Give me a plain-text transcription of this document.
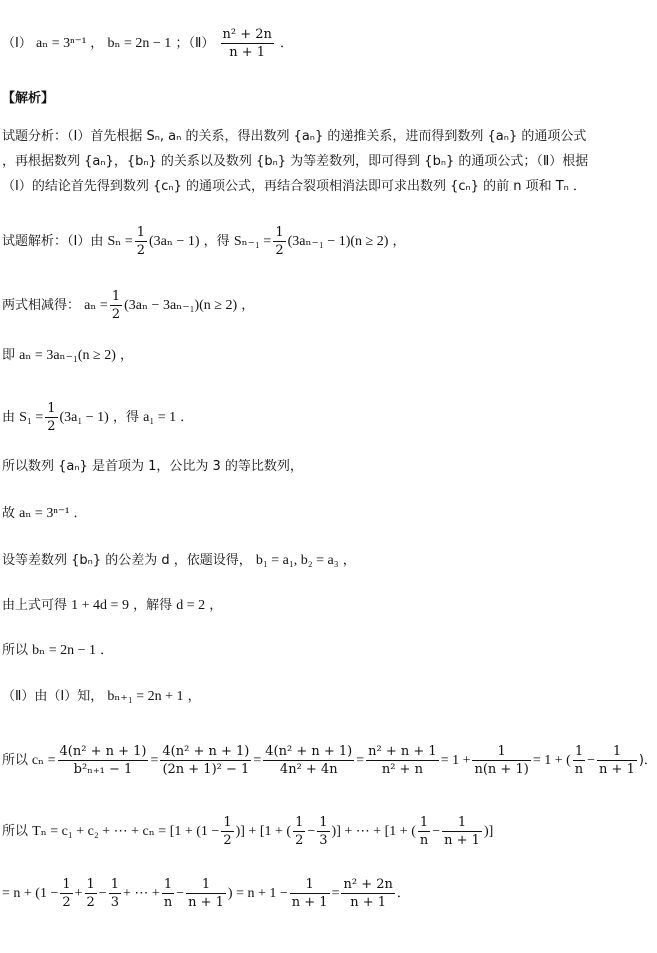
（Ⅰ） aₙ = 3ⁿ⁻¹ ， bₙ = 2n − 1 ；（Ⅱ） $\frac{\text{n² + 2n}}{n + 1}$ ．
【解析】
试题分析：（Ⅰ）首先根据 Sₙ, aₙ 的关系，得出数列 {aₙ} 的递推关系，进而得到数列 {aₙ} 的通项公式
，再根据数列 {aₙ}，{bₙ} 的关系以及数列 {bₙ} 为等差数列，即可得到 {bₙ} 的通项公式；（Ⅱ）根据
（Ⅰ）的结论首先得到数列 {cₙ} 的通项公式，再结合裂项相消法即可求出数列 {cₙ} 的前 n 项和 Tₙ ．
试题解析：（Ⅰ）由 $S_n = \frac{1}{2} (3a_n - 1)$ ，得 $S_{n-1} = \frac{1}{2} (3a_{n-1} - 1)(n \ge 2)$ ，
两式相减得： $a_n = \frac{1}{2} (3a_n - 3a_{n-1})(n \ge 2)$ ，
即 aₙ = 3aₙ₋₁(n ≥ 2) ，
由 $S_1 = \frac{1}{2} (3a_1 - 1)$ ，得 a₁ = 1 ．
所以数列 {aₙ} 是首项为 1，公比为 3 的等比数列，
故 aₙ = 3ⁿ⁻¹ ．
设等差数列 {bₙ} 的公差为 d ，依题设得， b₁ = a₁, b₂ = a₃ ，
由上式可得 1 + 4d = 9 ，解得 d = 2 ，
所以 bₙ = 2n − 1 ．
（Ⅱ）由（Ⅰ）知， bₙ₊₁ = 2n + 1 ，
所以 $c_n = \frac{\text{4(n² + n + 1)}}{\text{b²ₙ₊₁ − 1}} = \frac{\text{4(n² + n + 1)}}{\text{(2n + 1)² − 1}} = \frac{\text{4(n² + n + 1)}}{\text{4n² + 4n}} = \frac{\text{n² + n + 1}}{\text{n² + n}} = 1 + \frac{1}{n(n + 1)} = 1$ + ( $\frac{1}{n} - \frac{1}{n + 1}$ )．
所以 Tₙ = c₁ + c₂ + ⋯ + $c_n = [1 + (1 - \frac{1}{2}$ )] + [1 + ( $\frac{1}{2} - \frac{1}{3}$ )] + ⋯ + [1 + ( $\frac{1}{n} - \frac{1}{n + 1}$ )]
= $n + (1 - \frac{1}{2} + \frac{1}{2} - \frac{1}{3}$ + ⋯ + $\frac{1}{n} - \frac{1}{n + 1}$ ) = $n + 1 - \frac{1}{n + 1} = \frac{\text{n² + 2n}}{n + 1}$ ．
